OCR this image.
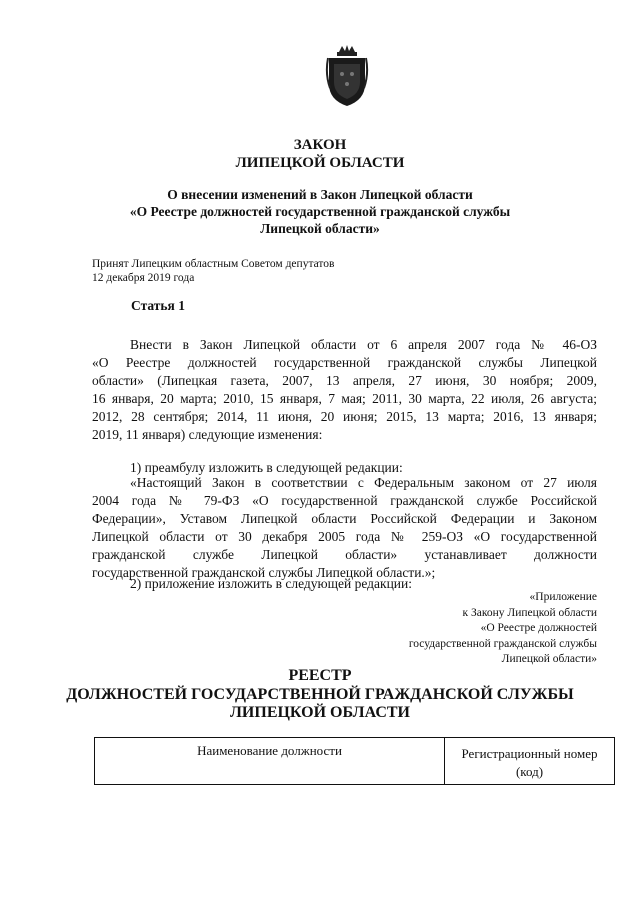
ЗАКОН
ЛИПЕЦКОЙ ОБЛАСТИ
О внесении изменений в Закон Липецкой области
«О Реестре должностей государственной гражданской службы
Липецкой области»
Принят Липецким областным Советом депутатов
12 декабря 2019 года
Статья 1
Внести в Закон Липецкой области от 6 апреля 2007 года № 46-ОЗ
«О Реестре должностей государственной гражданской службы Липецкой
области» (Липецкая газета, 2007, 13 апреля, 27 июня, 30 ноября; 2009,
16 января, 20 марта; 2010, 15 января, 7 мая; 2011, 30 марта, 22 июля, 26 августа;
2012, 28 сентября; 2014, 11 июня, 20 июня; 2015, 13 марта; 2016, 13 января;
2019, 11 января) следующие изменения:
1) преамбулу изложить в следующей редакции:
«Настоящий Закон в соответствии с Федеральным законом от 27 июля
2004 года № 79-ФЗ «О государственной гражданской службе Российской
Федерации», Уставом Липецкой области Российской Федерации и Законом
Липецкой области от 30 декабря 2005 года № 259-ОЗ «О государственной
гражданской службе Липецкой области» устанавливает должности
государственной гражданской службы Липецкой области.»;
2) приложение изложить в следующей редакции:
«Приложение
к Закону Липецкой области
«О Реестре должностей
государственной гражданской службы
Липецкой области»
РЕЕСТР
ДОЛЖНОСТЕЙ ГОСУДАРСТВЕННОЙ ГРАЖДАНСКОЙ СЛУЖБЫ
ЛИПЕЦКОЙ ОБЛАСТИ
Наименование должности	Регистрационный номер
(код)
